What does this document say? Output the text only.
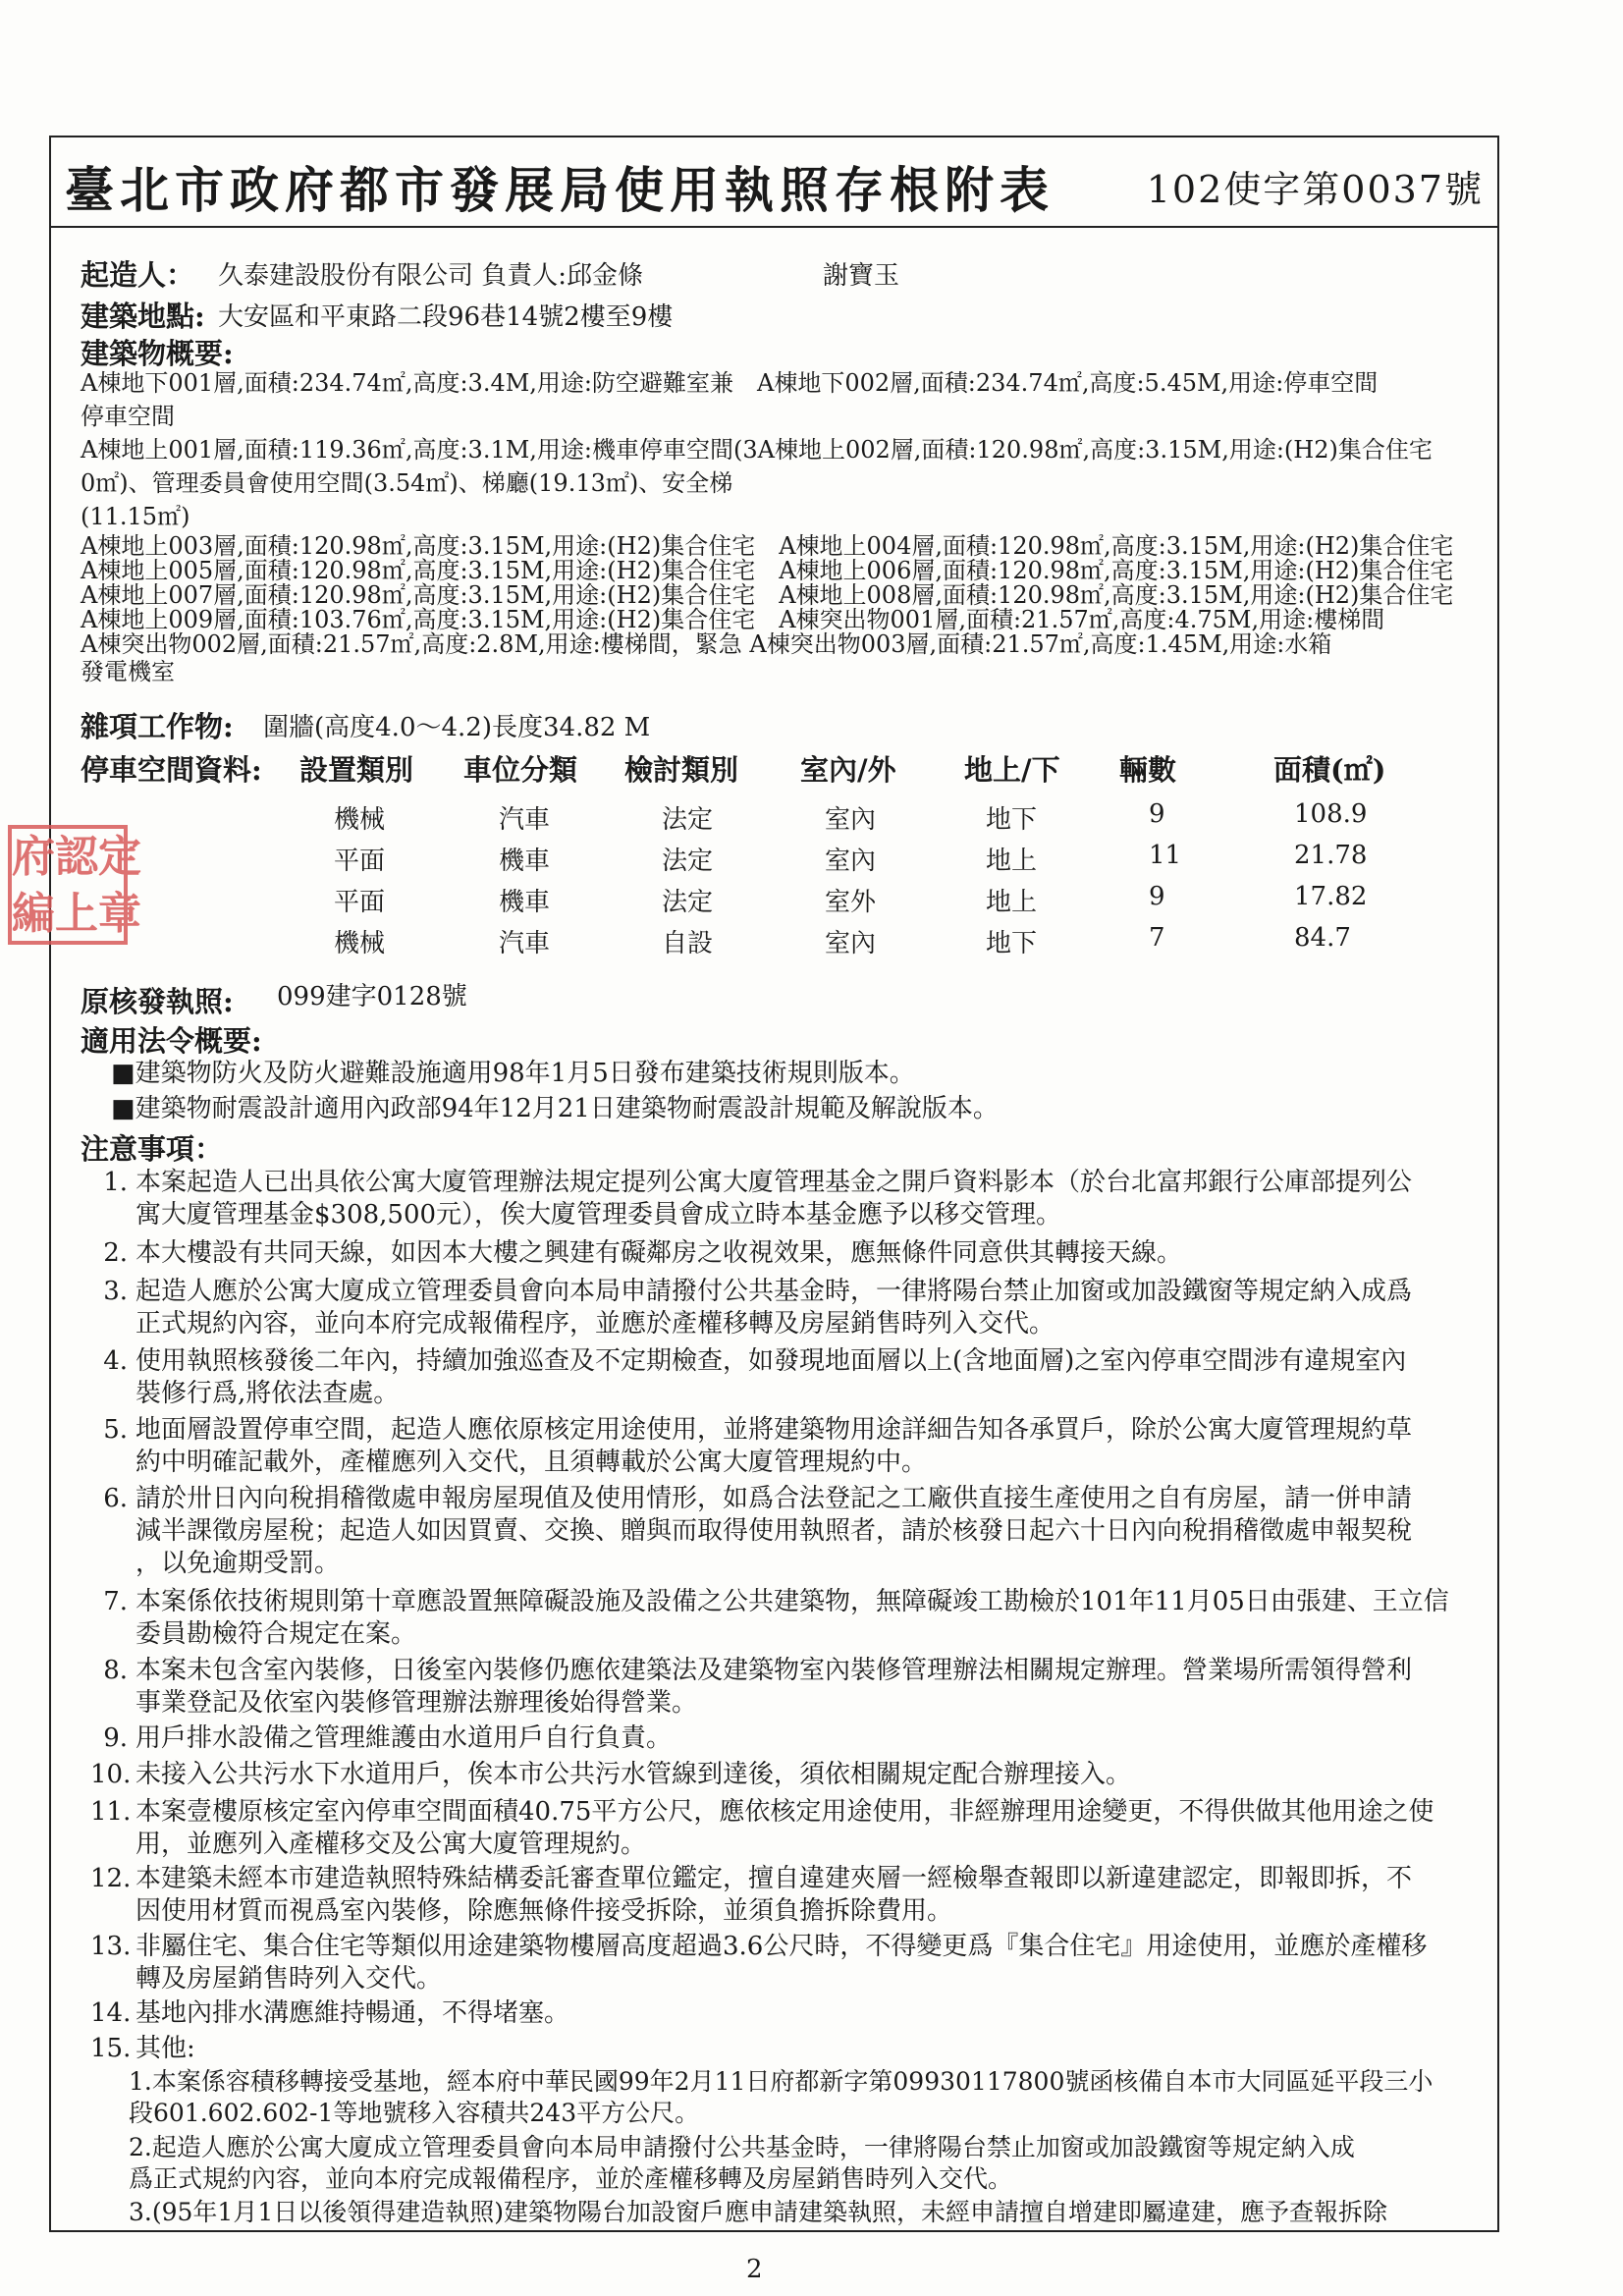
臺北市政府都市發展局使用執照存根附表 102使字第0037號
起造人： 久泰建設股份有限公司 負責人:邱金條	謝寶玉
建築地點: 大安區和平東路二段96巷14號2樓至9樓
建築物概要:
A棟地下001層,面積:234.74㎡,高度:3.4M,用途:防空避難室兼　A棟地下002層,面積:234.74㎡,高度:5.45M,用途:停車空間
停車空間
A棟地上001層,面積:119.36㎡,高度:3.1M,用途:機車停車空間(3A棟地上002層,面積:120.98㎡,高度:3.15M,用途:(H2)集合住宅
0㎡)、管理委員會使用空間(3.54㎡)、梯廳(19.13㎡)、安全梯
(11.15㎡)
A棟地上003層,面積:120.98㎡,高度:3.15M,用途:(H2)集合住宅　A棟地上004層,面積:120.98㎡,高度:3.15M,用途:(H2)集合住宅
A棟地上005層,面積:120.98㎡,高度:3.15M,用途:(H2)集合住宅　A棟地上006層,面積:120.98㎡,高度:3.15M,用途:(H2)集合住宅
A棟地上007層,面積:120.98㎡,高度:3.15M,用途:(H2)集合住宅　A棟地上008層,面積:120.98㎡,高度:3.15M,用途:(H2)集合住宅
A棟地上009層,面積:103.76㎡,高度:3.15M,用途:(H2)集合住宅　A棟突出物001層,面積:21.57㎡,高度:4.75M,用途:樓梯間
A棟突出物002層,面積:21.57㎡,高度:2.8M,用途:樓梯間，緊急 A棟突出物003層,面積:21.57㎡,高度:1.45M,用途:水箱
發電機室
雜項工作物: 圍牆(高度4.0～4.2)長度34.82 M
停車空間資料: 設置類別 車位分類 檢討類別 室內/外 地上/下 輛數	面積(㎡)
機械	汽車	法定	室內	地下	9	108.9
平面	機車	法定	室內	地上	11	21.78
平面	機車	法定	室外	地上	9	17.82
機械	汽車	自設	室內	地下	7	84.7
府 認 定
編 上 章
原核發執照: 099建字0128號
適用法令概要:
■建築物防火及防火避難設施適用98年1月5日發布建築技術規則版本。
■建築物耐震設計適用內政部94年12月21日建築物耐震設計規範及解說版本。
注意事項：
1. 本案起造人已出具依公寓大廈管理辦法規定提列公寓大廈管理基金之開戶資料影本（於台北富邦銀行公庫部提列公
寓大廈管理基金$308,500元），俟大廈管理委員會成立時本基金應予以移交管理。
2. 本大樓設有共同天線，如因本大樓之興建有礙鄰房之收視效果，應無條件同意供其轉接天線。
3. 起造人應於公寓大廈成立管理委員會向本局申請撥付公共基金時，一律將陽台禁止加窗或加設鐵窗等規定納入成爲
正式規約內容，並向本府完成報備程序，並應於產權移轉及房屋銷售時列入交代。
4. 使用執照核發後二年內，持續加強巡查及不定期檢查，如發現地面層以上(含地面層)之室內停車空間涉有違規室內
裝修行爲,將依法查處。
5. 地面層設置停車空間，起造人應依原核定用途使用，並將建築物用途詳細告知各承買戶，除於公寓大廈管理規約草
約中明確記載外，產權應列入交代，且須轉載於公寓大廈管理規約中。
6. 請於卅日內向稅捐稽徵處申報房屋現值及使用情形，如爲合法登記之工廠供直接生產使用之自有房屋，請一併申請
減半課徵房屋稅；起造人如因買賣、交換、贈與而取得使用執照者，請於核發日起六十日內向稅捐稽徵處申報契稅
，以免逾期受罰。
7. 本案係依技術規則第十章應設置無障礙設施及設備之公共建築物，無障礙竣工勘檢於101年11月05日由張建、王立信
委員勘檢符合規定在案。
8. 本案未包含室內裝修，日後室內裝修仍應依建築法及建築物室內裝修管理辦法相關規定辦理。營業場所需領得營利
事業登記及依室內裝修管理辦法辦理後始得營業。
9. 用戶排水設備之管理維護由水道用戶自行負責。
10. 未接入公共污水下水道用戶，俟本市公共污水管線到達後，須依相關規定配合辦理接入。
11. 本案壹樓原核定室內停車空間面積40.75平方公尺，應依核定用途使用，非經辦理用途變更，不得供做其他用途之使
用，並應列入產權移交及公寓大廈管理規約。
12. 本建築未經本市建造執照特殊結構委託審查單位鑑定，擅自違建夾層一經檢舉查報即以新違建認定，即報即拆，不
因使用材質而視爲室內裝修，除應無條件接受拆除，並須負擔拆除費用。
13. 非屬住宅、集合住宅等類似用途建築物樓層高度超過3.6公尺時，不得變更爲『集合住宅』用途使用，並應於產權移
轉及房屋銷售時列入交代。
14. 基地內排水溝應維持暢通，不得堵塞。
15. 其他:
1.本案係容積移轉接受基地，經本府中華民國99年2月11日府都新字第09930117800號函核備自本市大同區延平段三小
段601.602.602-1等地號移入容積共243平方公尺。
2.起造人應於公寓大廈成立管理委員會向本局申請撥付公共基金時，一律將陽台禁止加窗或加設鐵窗等規定納入成
爲正式規約內容，並向本府完成報備程序，並於產權移轉及房屋銷售時列入交代。
3.(95年1月1日以後領得建造執照)建築物陽台加設窗戶應申請建築執照，未經申請擅自增建即屬違建，應予查報拆除
2
